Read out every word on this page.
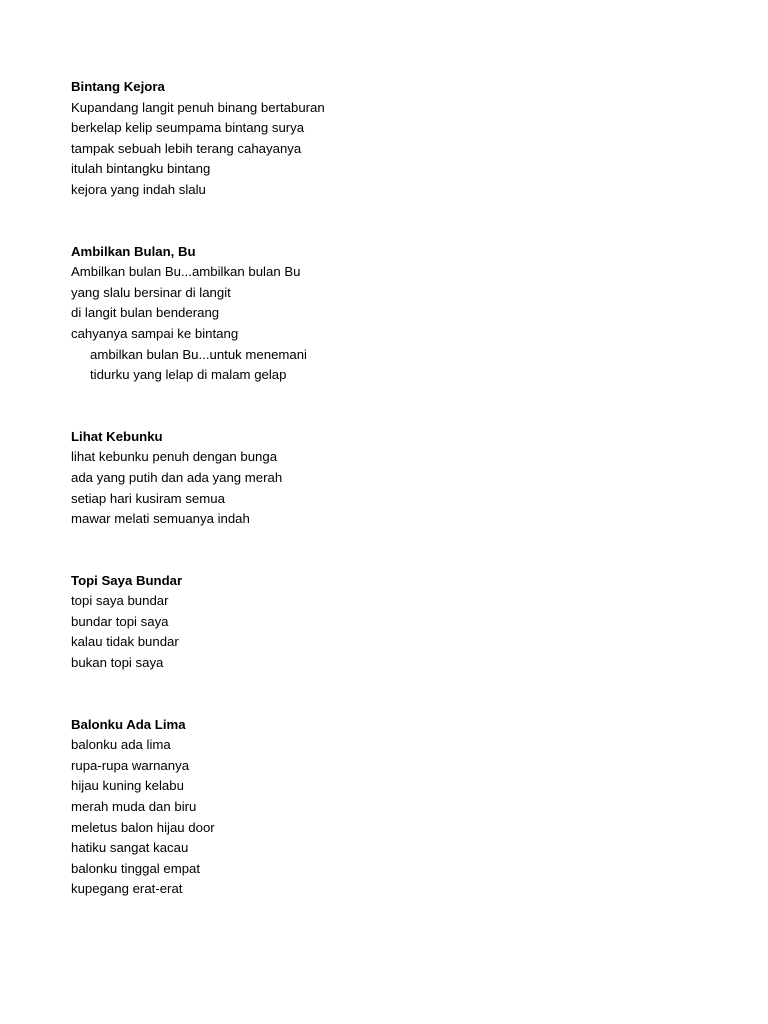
Bintang Kejora
Kupandang langit penuh binang bertaburan
berkelap kelip seumpama bintang surya
tampak sebuah lebih terang cahayanya
itulah bintangku bintang
kejora yang indah slalu
Ambilkan Bulan, Bu
Ambilkan bulan Bu...ambilkan bulan Bu
yang slalu bersinar di langit
di langit bulan benderang
cahyanya sampai ke bintang
ambilkan bulan Bu...untuk menemani
tidurku yang lelap di malam gelap
Lihat Kebunku
lihat kebunku penuh dengan bunga
ada yang putih dan ada yang merah
setiap hari kusiram semua
mawar melati semuanya indah
Topi Saya Bundar
topi saya bundar
bundar topi saya
kalau tidak bundar
bukan topi saya
Balonku Ada Lima
balonku ada lima
rupa-rupa warnanya
hijau kuning kelabu
merah muda dan biru
meletus balon hijau door
hatiku sangat kacau
balonku tinggal empat
kupegang erat-erat
